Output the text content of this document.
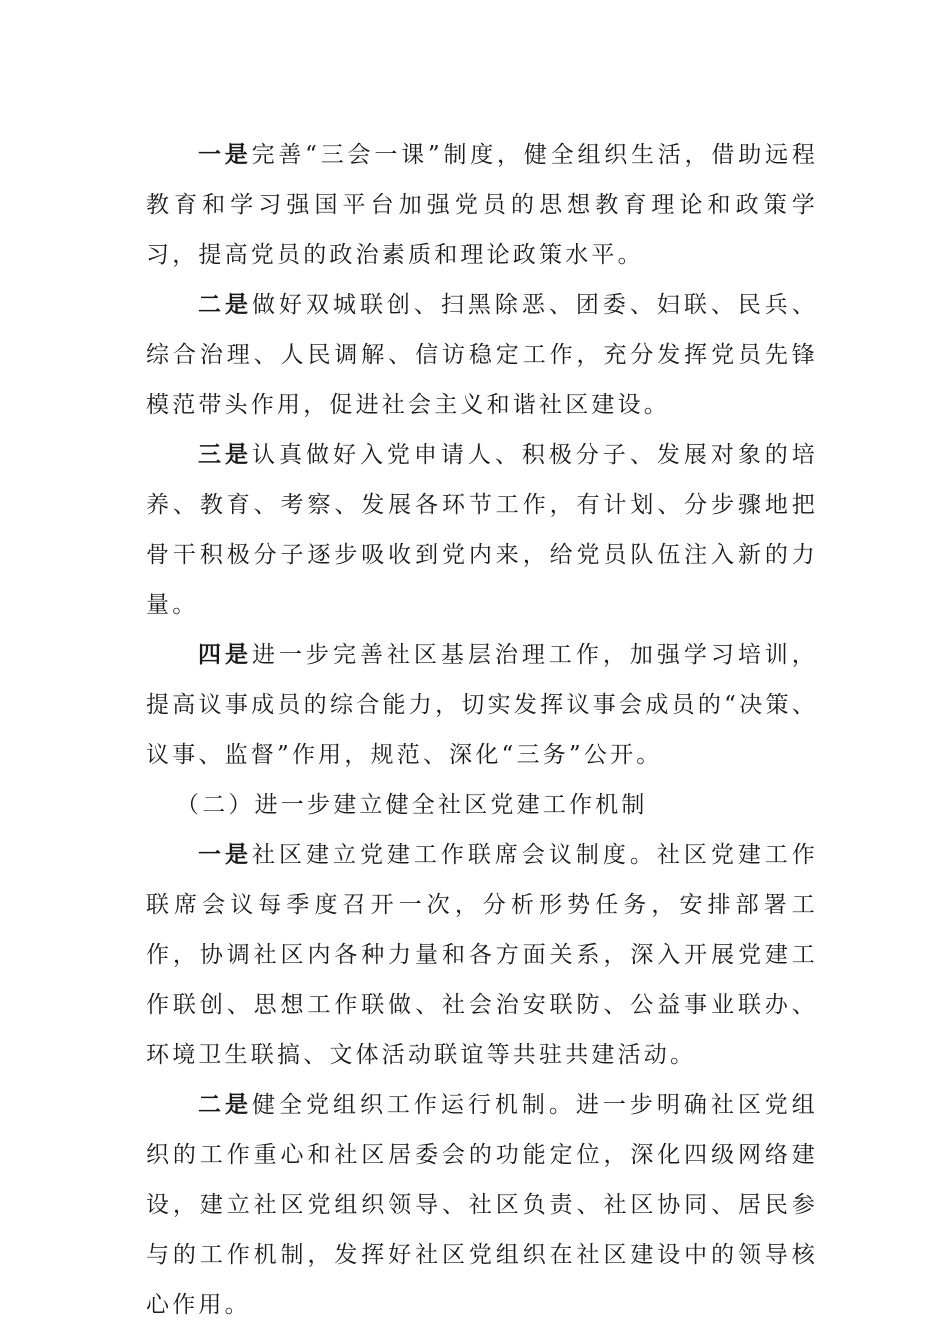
一是完善“三会一课”制度，健全组织生活，借助远程教育和学习强国平台加强党员的思想教育理论和政策学习，提高党员的政治素质和理论政策水平。

二是做好双城联创、扫黑除恶、团委、妇联、民兵、综合治理、人民调解、信访稳定工作，充分发挥党员先锋模范带头作用，促进社会主义和谐社区建设。

三是认真做好入党申请人、积极分子、发展对象的培养、教育、考察、发展各环节工作，有计划、分步骤地把骨干积极分子逐步吸收到党内来，给党员队伍注入新的力量。

四是进一步完善社区基层治理工作，加强学习培训，提高议事成员的综合能力，切实发挥议事会成员的“决策、议事、监督”作用，规范、深化“三务”公开。

（二）进一步建立健全社区党建工作机制

一是社区建立党建工作联席会议制度。社区党建工作联席会议每季度召开一次，分析形势任务，安排部署工作，协调社区内各种力量和各方面关系，深入开展党建工作联创、思想工作联做、社会治安联防、公益事业联办、环境卫生联搞、文体活动联谊等共驻共建活动。

二是健全党组织工作运行机制。进一步明确社区党组织的工作重心和社区居委会的功能定位，深化四级网络建设，建立社区党组织领导、社区负责、社区协同、居民参与的工作机制，发挥好社区党组织在社区建设中的领导核心作用。
